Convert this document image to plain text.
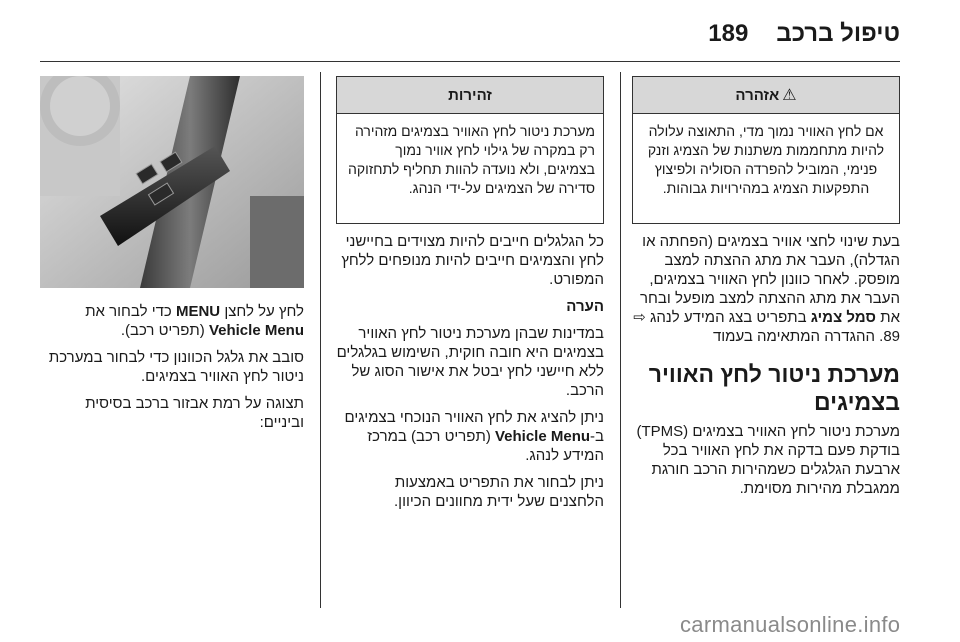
טיפול ברכב
189
⚠
אזהרה
אם לחץ האוויר נמוך מדי, התאוצה עלולה להיות מתחממות משתנות של הצמיג וזנק פנימי, המוביל להפרדה הסוליה ולפיצוץ התפקעות הצמיג במהירויות גבוהות.

בעת שינוי לחצי אוויר בצמיגים (הפחתה או הגדלה), העבר את מתג ההצתה למצב מופסק. לאחר כוונון לחץ האוויר בצמיגים, העבר את מתג ההצתה למצב מופעל ובחר את סמל צמיג בתפריט בצג המידע לנהג ⇨ 89. ההגדרה המתאימה בעמוד

מערכת ניטור לחץ האוויר בצמיגים

מערכת ניטור לחץ האוויר בצמיגים (TPMS) בודקת פעם בדקה את לחץ האוויר בכל ארבעת הגלגלים כשמהירות הרכב חורגת ממגבלת מהירות מסוימת.

זהירות
מערכת ניטור לחץ האוויר בצמיגים מזהירה רק במקרה של גילוי לחץ אוויר נמוך בצמיגים, ולא נועדה להוות תחליף לתחזוקה סדירה של הצמיגים על-ידי הנהג.

כל הגלגלים חייבים להיות מצוידים בחיישני לחץ והצמיגים חייבים להיות מנופחים ללחץ המפורט.

הערה

במדינות שבהן מערכת ניטור לחץ האוויר בצמיגים היא חובה חוקית, השימוש בגלגלים ללא חיישני לחץ יבטל את אישור הסוג של הרכב.

ניתן להציג את לחץ האוויר הנוכחי בצמיגים ב-Vehicle Menu (תפריט רכב) במרכז המידע לנהג.

ניתן לבחור את התפריט באמצעות הלחצנים שעל ידית מחוונים הכיוון.

לחץ על לחצן MENU כדי לבחור את Vehicle Menu (תפריט רכב).

סובב את גלגל הכוונון כדי לבחור במערכת ניטור לחץ האוויר בצמיגים.

תצוגה על רמת אבזור ברכב בסיסית וביניים:

carmanualsonline.info
